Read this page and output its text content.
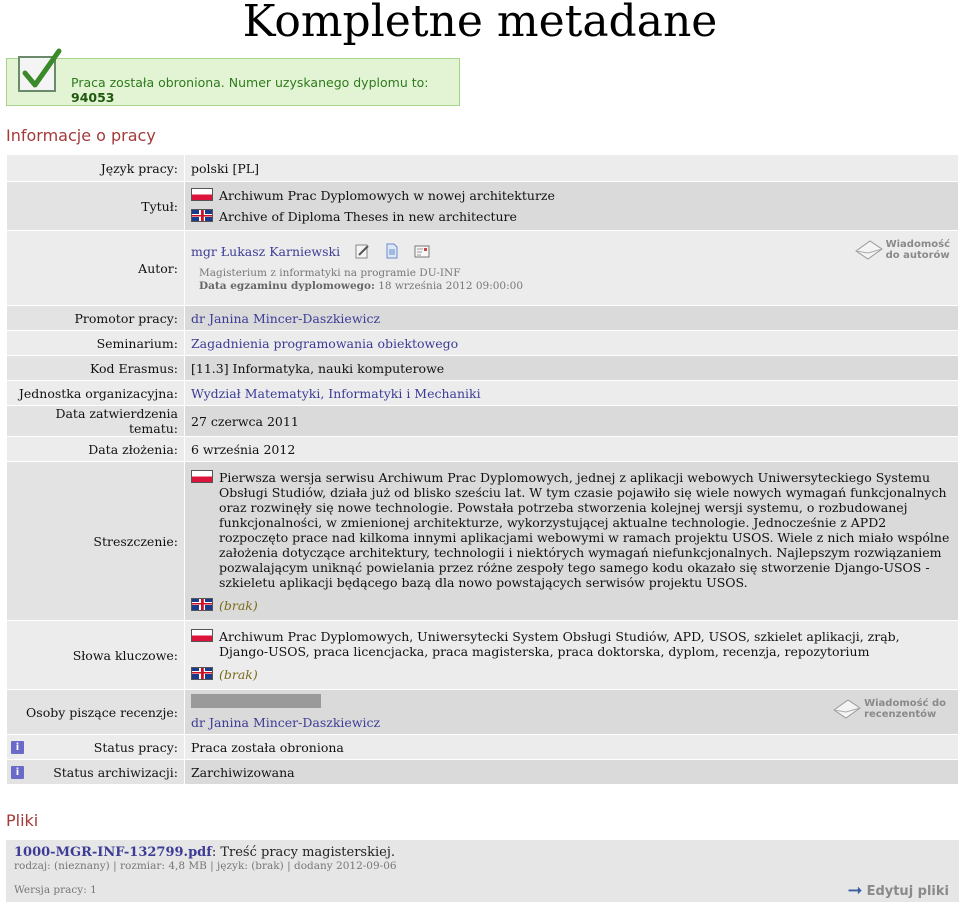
Kompletne metadane
Praca została obroniona. Numer uzyskanego dyplomu to: 94053
Informacje o pracy
Język pracy:	polski [PL]
Tytuł:	Archiwum Prac Dyplomowych w nowej architekturze
Archive of Diploma Theses in new architecture

Autor:	mgr Łukasz Karniewski
Magisterium z informatyki na programie DU-INF
Data egzaminu dyplomowego: 18 września 2012 09:00:00
Wiadomość
do autorów

Promotor pracy:	dr Janina Mincer-Daszkiewicz
Seminarium:	Zagadnienia programowania obiektowego
Kod Erasmus:	[11.3] Informatyka, nauki komputerowe
Jednostka organizacyjna:	Wydział Matematyki, Informatyki i Mechaniki
Data zatwierdzenia tematu:	27 czerwca 2011
Data złożenia:	6 września 2012
Streszczenie:	Pierwsza wersja serwisu Archiwum Prac Dyplomowych, jednej z aplikacji webowych Uniwersyteckiego Systemu Obsługi Studiów, działa już od blisko sześciu lat. W tym czasie pojawiło się wiele nowych wymagań funkcjonalnych oraz rozwinęły się nowe technologie. Powstała potrzeba stworzenia kolejnej wersji systemu, o rozbudowanej funkcjonalności, w zmienionej architekturze, wykorzystującej aktualne technologie. Jednocześnie z APD2 rozpoczęto prace nad kilkoma innymi aplikacjami webowymi w ramach projektu USOS. Wiele z nich miało wspólne założenia dotyczące architektury, technologii i niektórych wymagań niefunkcjonalnych. Najlepszym rozwiązaniem pozwalającym uniknąć powielania przez różne zespoły tego samego kodu okazało się stworzenie Django-USOS - szkieletu aplikacji będącego bazą dla nowo powstających serwisów projektu USOS.
(brak)

Słowa kluczowe:	Archiwum Prac Dyplomowych, Uniwersytecki System Obsługi Studiów, APD, USOS, szkielet aplikacji, zrąb, Django-USOS, praca licencjacka, praca magisterska, praca doktorska, dyplom, recenzja, repozytorium
(brak)

Osoby piszące recenzje:	dr Janina Mincer-Daszkiewicz
Wiadomość do
recenzentów

i Status pracy:	Praca została obroniona

i Status archiwizacji:	Zarchiwizowana
Pliki
1000-MGR-INF-132799.pdf: Treść pracy magisterskiej.
rodzaj: (nieznany) | rozmiar: 4,8 MB | język: (brak) | dodany 2012-09-06
Wersja pracy: 1	➞ Edytuj pliki
